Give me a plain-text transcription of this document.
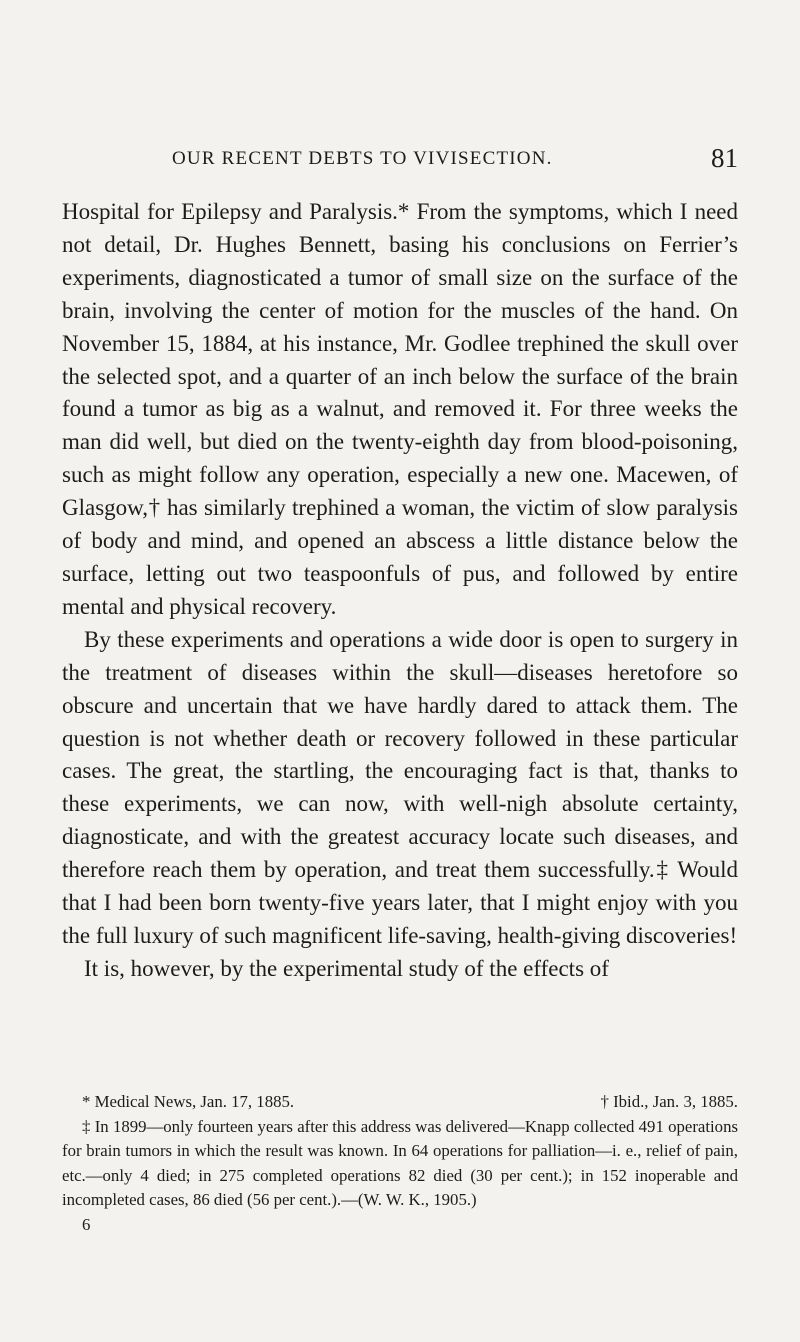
OUR RECENT DEBTS TO VIVISECTION.	81

Hospital for Epilepsy and Paralysis.* From the symptoms, which I need not detail, Dr. Hughes Bennett, basing his conclusions on Ferrier’s experiments, diagnosticated a tumor of small size on the surface of the brain, involving the center of motion for the muscles of the hand. On November 15, 1884, at his instance, Mr. Godlee trephined the skull over the selected spot, and a quarter of an inch below the surface of the brain found a tumor as big as a walnut, and removed it. For three weeks the man did well, but died on the twenty-eighth day from blood-poisoning, such as might follow any operation, especially a new one. Macewen, of Glasgow,† has similarly trephined a woman, the victim of slow paralysis of body and mind, and opened an abscess a little distance below the surface, letting out two teaspoonfuls of pus, and followed by entire mental and physical recovery.

By these experiments and operations a wide door is open to surgery in the treatment of diseases within the skull—diseases heretofore so obscure and uncertain that we have hardly dared to attack them. The question is not whether death or recovery followed in these particular cases. The great, the startling, the encouraging fact is that, thanks to these experiments, we can now, with well-nigh absolute certainty, diagnosticate, and with the greatest accuracy locate such diseases, and therefore reach them by operation, and treat them successfully.‡ Would that I had been born twenty-five years later, that I might enjoy with you the full luxury of such magnificent life-saving, health-giving discoveries!

It is, however, by the experimental study of the effects of

* Medical News, Jan. 17, 1885.	† Ibid., Jan. 3, 1885.

‡ In 1899—only fourteen years after this address was delivered—Knapp collected 491 operations for brain tumors in which the result was known. In 64 operations for palliation—i. e., relief of pain, etc.—only 4 died; in 275 completed operations 82 died (30 per cent.); in 152 inoperable and incompleted cases, 86 died (56 per cent.).—(W. W. K., 1905.)

6
